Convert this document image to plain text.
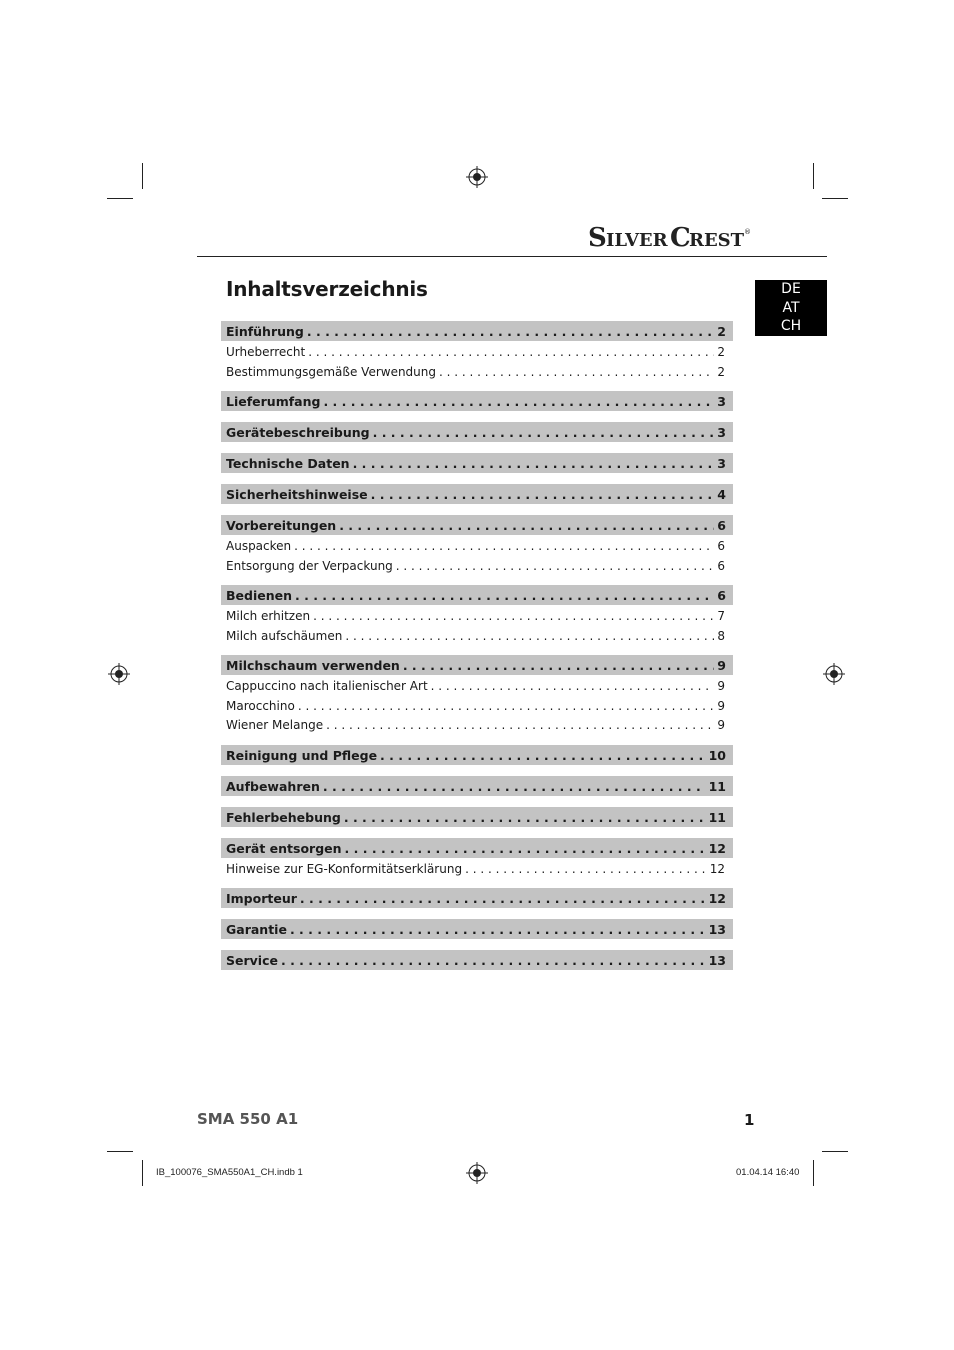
S ILVER C
REST ®
Inhaltsverzeichnis	DE
AT
CH
Einführung . . .	2
Urheberrecht . . .	2
Bestimmungsgemäße Verwendung . . .	2
Lieferumfang . . .	3
Gerätebeschreibung . . .	3
Technische Daten . . .	3
Sicherheitshinweise . . .	4
Vorbereitungen . . .	6
Auspacken . . .	6
Entsorgung der Verpackung . . .	6
Bedienen . . .	6
Milch erhitzen . . .	7
Milch aufschäumen . . .	8
Milchschaum verwenden . . .	9
Cappuccino nach italienischer Art . . .	9
Marocchino . . .	9
Wiener Melange . . .	9
Reinigung und Pflege . . .	10
Aufbewahren . . .	11
Fehlerbehebung . . .	11
Gerät entsorgen . . .	12
Hinweise zur EG-Konformitätserklärung . . .	12
Importeur . . .	12
Garantie . . .	13
Service . . .	13
SMA 550 A1	1
IB_100076_SMA550A1_CH.indb 1	01.04.14 16:40
